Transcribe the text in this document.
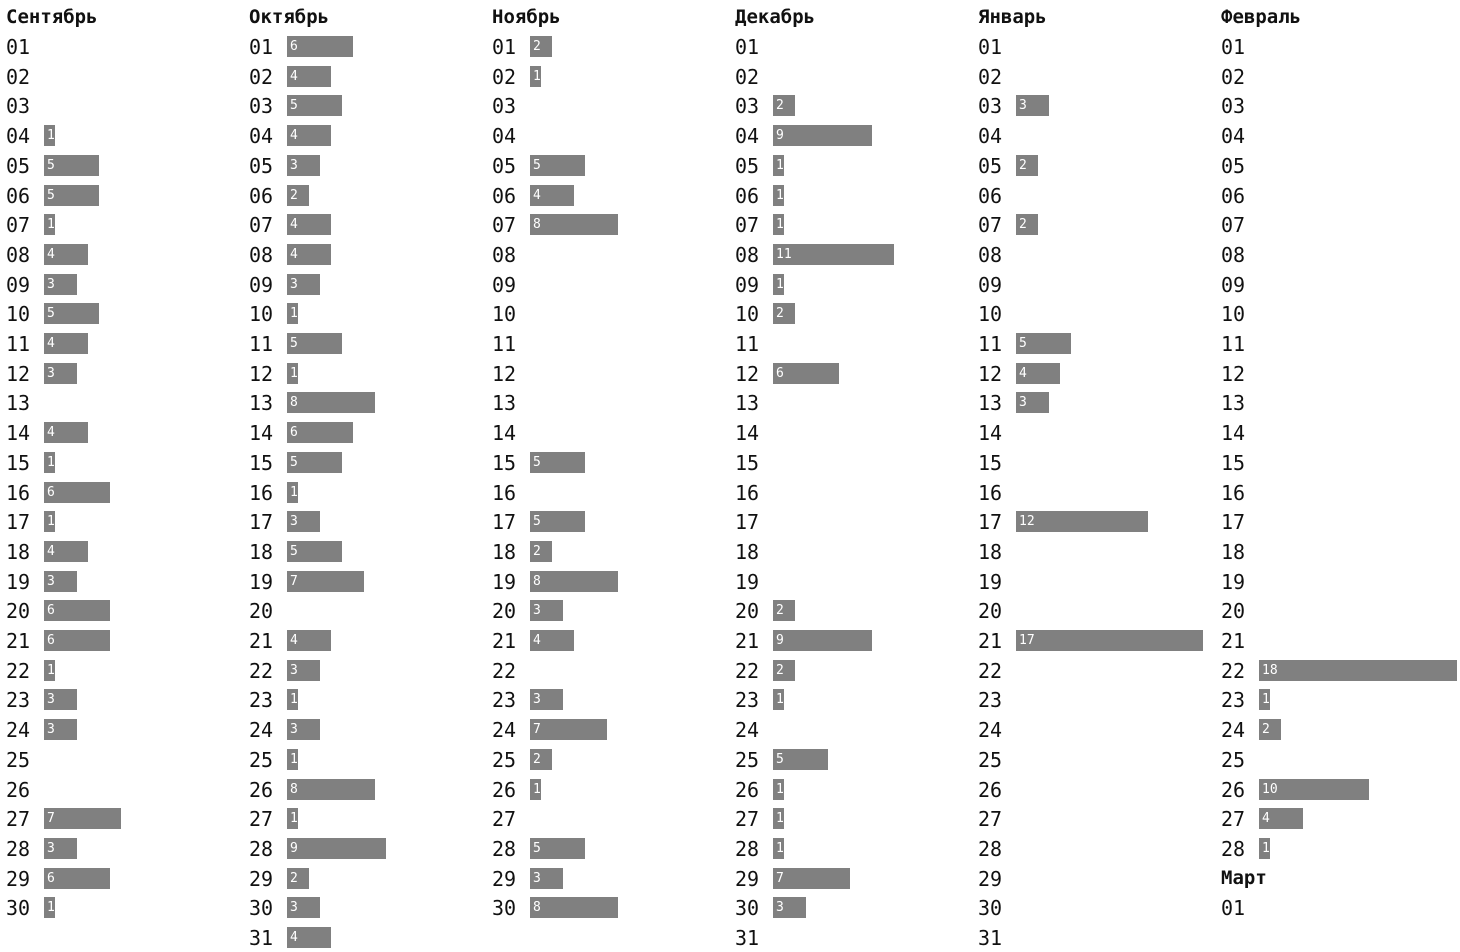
Сентябрь
01
02
03
04 1
05 5
06 5
07 1
08 4
09 3
10 5
11 4
12 3
13
14 4
15 1
16 6
17 1
18 4
19 3
20 6
21 6
22 1
23 3
24 3
25
26
27 7
28 3
29 6
30 1
Октябрь
01 6
02 4
03 5
04 4
05 3
06 2
07 4
08 4
09 3
10 1
11 5
12 1
13 8
14 6
15 5
16 1
17 3
18 5
19 7
20
21 4
22 3
23 1
24 3
25 1
26 8
27 1
28 9
29 2
30 3
31 4
Ноябрь
01 2
02 1
03
04
05 5
06 4
07 8
08
09
10
11
12
13
14
15 5
16
17 5
18 2
19 8
20 3
21 4
22
23 3
24 7
25 2
26 1
27
28 5
29 3
30 8
Декабрь
01
02
03 2
04 9
05 1
06 1
07 1
08 11
09 1
10 2
11
12 6
13
14
15
16
17
18
19
20 2
21 9
22 2
23 1
24
25 5
26 1
27 1
28 1
29 7
30 3
31
Январь
01
02
03 3
04
05 2
06
07 2
08
09
10
11 5
12 4
13 3
14
15
16
17 12
18
19
20
21 17
22
23
24
25
26
27
28
29
30
31
Февраль
01
02
03
04
05
06
07
08
09
10
11
12
13
14
15
16
17
18
19
20
21
22 18
23 1
24 2
25
26 10
27 4
28 1
Март
01
